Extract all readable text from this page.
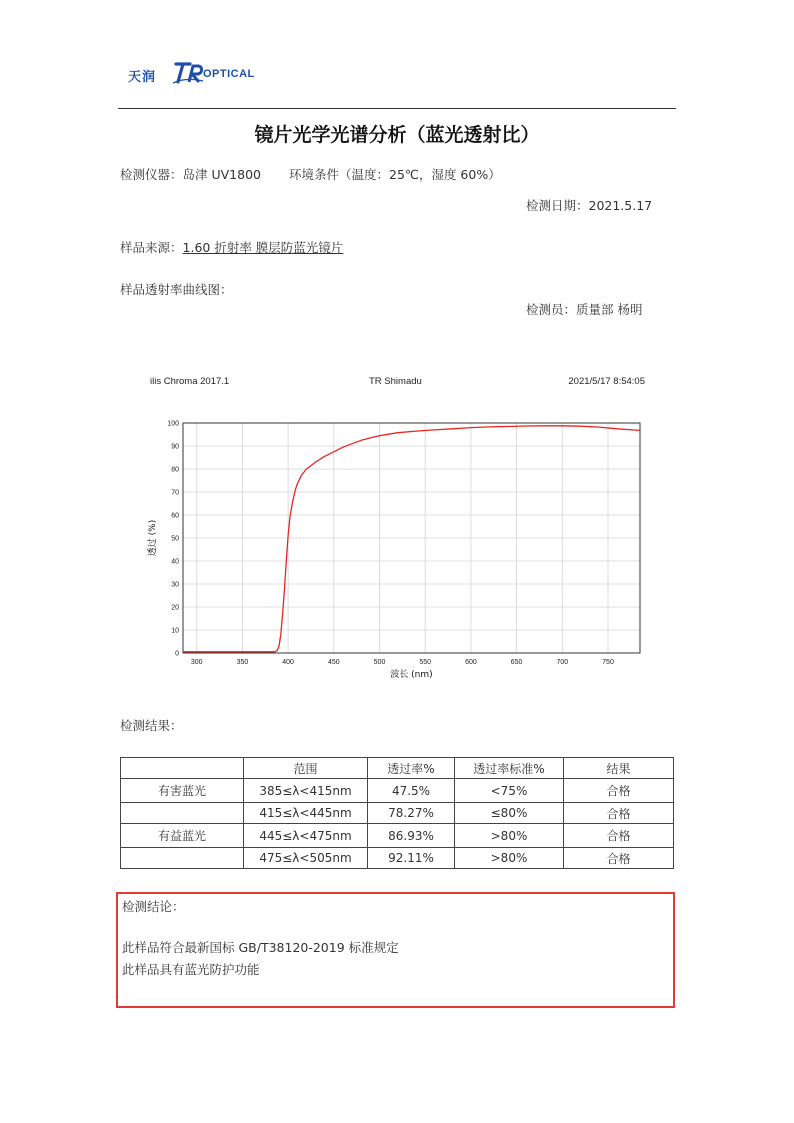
天润	OPTICAL
镜片光学光谱分析（蓝光透射比）
检测仪器：岛津 UV1800 环境条件（温度：25℃，湿度 60%）
检测日期：2021.5.17
样品来源：1.60 折射率 膜层防蓝光镜片
样品透射率曲线图：
检测员：质量部 杨明
ilis Chroma 2017.1	TR Shimadu	2021/5/17 8:54:05
300	350	400	450	500	550	600	650	700	750
0
10
20
30
40
50
60
70
80
90
100
波长 (nm)
透过 (%)
检测结果：
	范围	透过率%	透过率标准%	结果
有害蓝光	385≤λ<415nm	47.5%	<75%	合格
	415≤λ<445nm	78.27%	≤80%	合格
有益蓝光	445≤λ<475nm	86.93%	>80%	合格
	475≤λ<505nm	92.11%	>80%	合格
检测结论：
此样品符合最新国标 GB/T38120-2019 标准规定
此样品具有蓝光防护功能
